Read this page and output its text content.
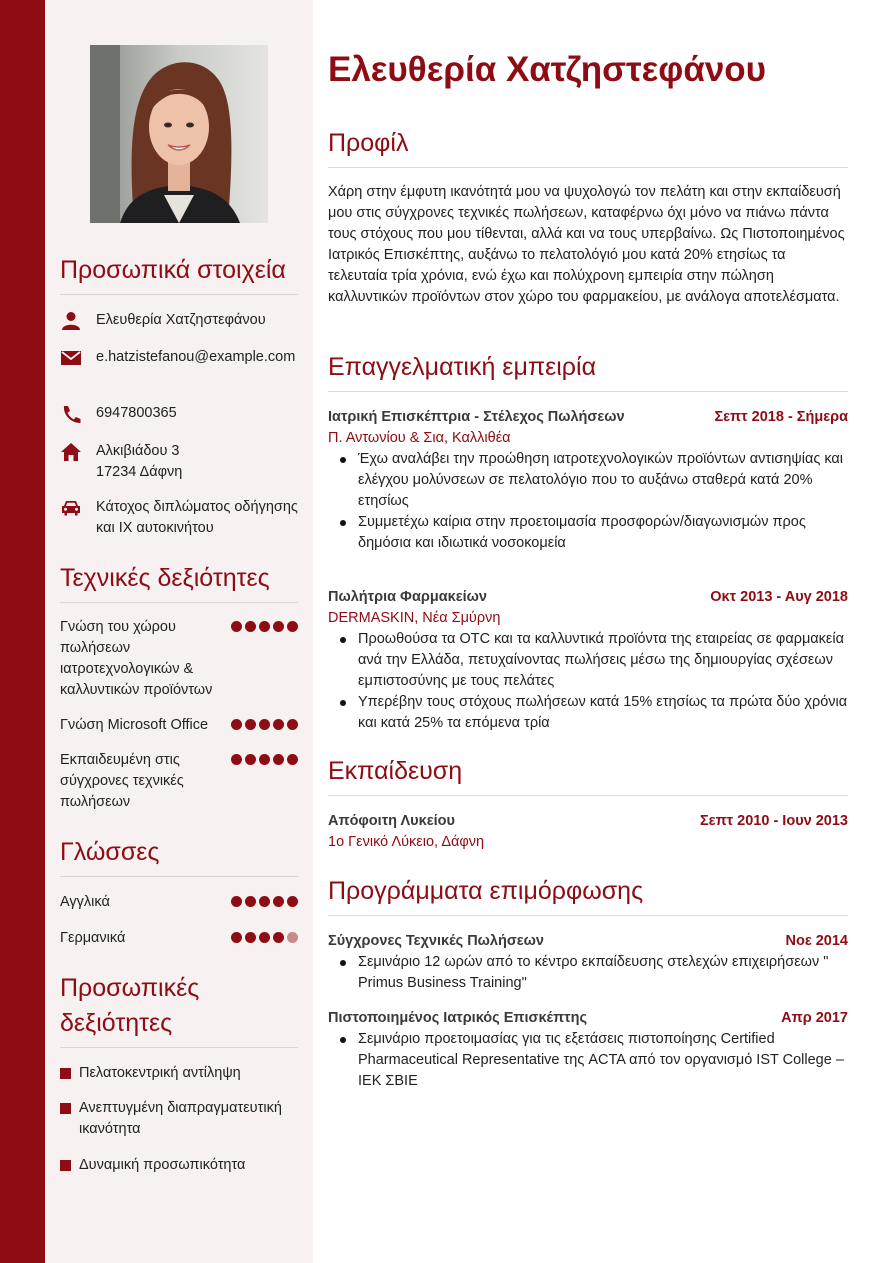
Προσωπικά στοιχεία
Ελευθερία Χατζηστεφάνου
e.hatzistefanou@example.com
6947800365
Αλκιβιάδου 3
17234 Δάφνη
Κάτοχος διπλώματος οδήγησης και ΙΧ αυτοκινήτου
Τεχνικές δεξιότητες
Γνώση του χώρου πωλήσεων ιατροτεχνολογικών & καλλυντικών προϊόντων
Γνώση Microsoft Office
Εκπαιδευμένη στις σύγχρονες τεχνικές πωλήσεων
Γλώσσες
Αγγλικά
Γερμανικά
Προσωπικές
δεξιότητες
Πελατοκεντρική αντίληψη
Ανεπτυγμένη διαπραγματευτική ικανότητα
Δυναμική προσωπικότητα
Ελευθερία Χατζηστεφάνου
Προφίλ

Χάρη στην έμφυτη ικανότητά μου να ψυχολογώ τον πελάτη και στην εκπαίδευσή μου στις σύγχρονες τεχνικές πωλήσεων, καταφέρνω όχι μόνο να πιάνω πάντα τους στόχους που μου τίθενται, αλλά και να τους υπερβαίνω. Ως Πιστοποιημένος Ιατρικός Επισκέπτης, αυξάνω το πελατολόγιό μου κατά 20% ετησίως τα τελευταία τρία χρόνια, ενώ έχω και πολύχρονη εμπειρία στην πώληση καλλυντικών προϊόντων στον χώρο του φαρμακείου, με ανάλογα αποτελέσματα.

Επαγγελματική εμπειρία
Ιατρική Επισκέπτρια - Στέλεχος Πωλήσεων	Σεπτ 2018 - Σήμερα
Π. Αντωνίου & Σια, Καλλιθέα
Έχω αναλάβει την προώθηση ιατροτεχνολογικών προϊόντων αντισηψίας και ελέγχου μολύνσεων σε πελατολόγιο που το αυξάνω σταθερά κατά 20% ετησίως
Συμμετέχω καίρια στην προετοιμασία προσφορών/διαγωνισμών προς δημόσια και ιδιωτικά νοσοκομεία
Πωλήτρια Φαρμακείων	Οκτ 2013 - Αυγ 2018
DERMASKIN, Νέα Σμύρνη
Προωθούσα τα OTC και τα καλλυντικά προϊόντα της εταιρείας σε φαρμακεία ανά την Ελλάδα, πετυχαίνοντας πωλήσεις μέσω της δημιουργίας σχέσεων εμπιστοσύνης με τους πελάτες
Υπερέβην τους στόχους πωλήσεων κατά 15% ετησίως τα πρώτα δύο χρόνια και κατά 25% τα επόμενα τρία
Εκπαίδευση
Απόφοιτη Λυκείου	Σεπτ 2010 - Ιουν 2013
1ο Γενικό Λύκειο, Δάφνη
Προγράμματα επιμόρφωσης
Σύγχρονες Τεχνικές Πωλήσεων	Νοε 2014
Σεμινάριο 12 ωρών από το κέντρο εκπαίδευσης στελεχών επιχειρήσεων " Primus Business Training"
Πιστοποιημένος Ιατρικός Επισκέπτης	Απρ 2017
Σεμινάριο προετοιμασίας για τις εξετάσεις πιστοποίησης Certified Pharmaceutical Representative της ACTA από τον οργανισμό IST College – ΙΕΚ ΣΒΙΕ
